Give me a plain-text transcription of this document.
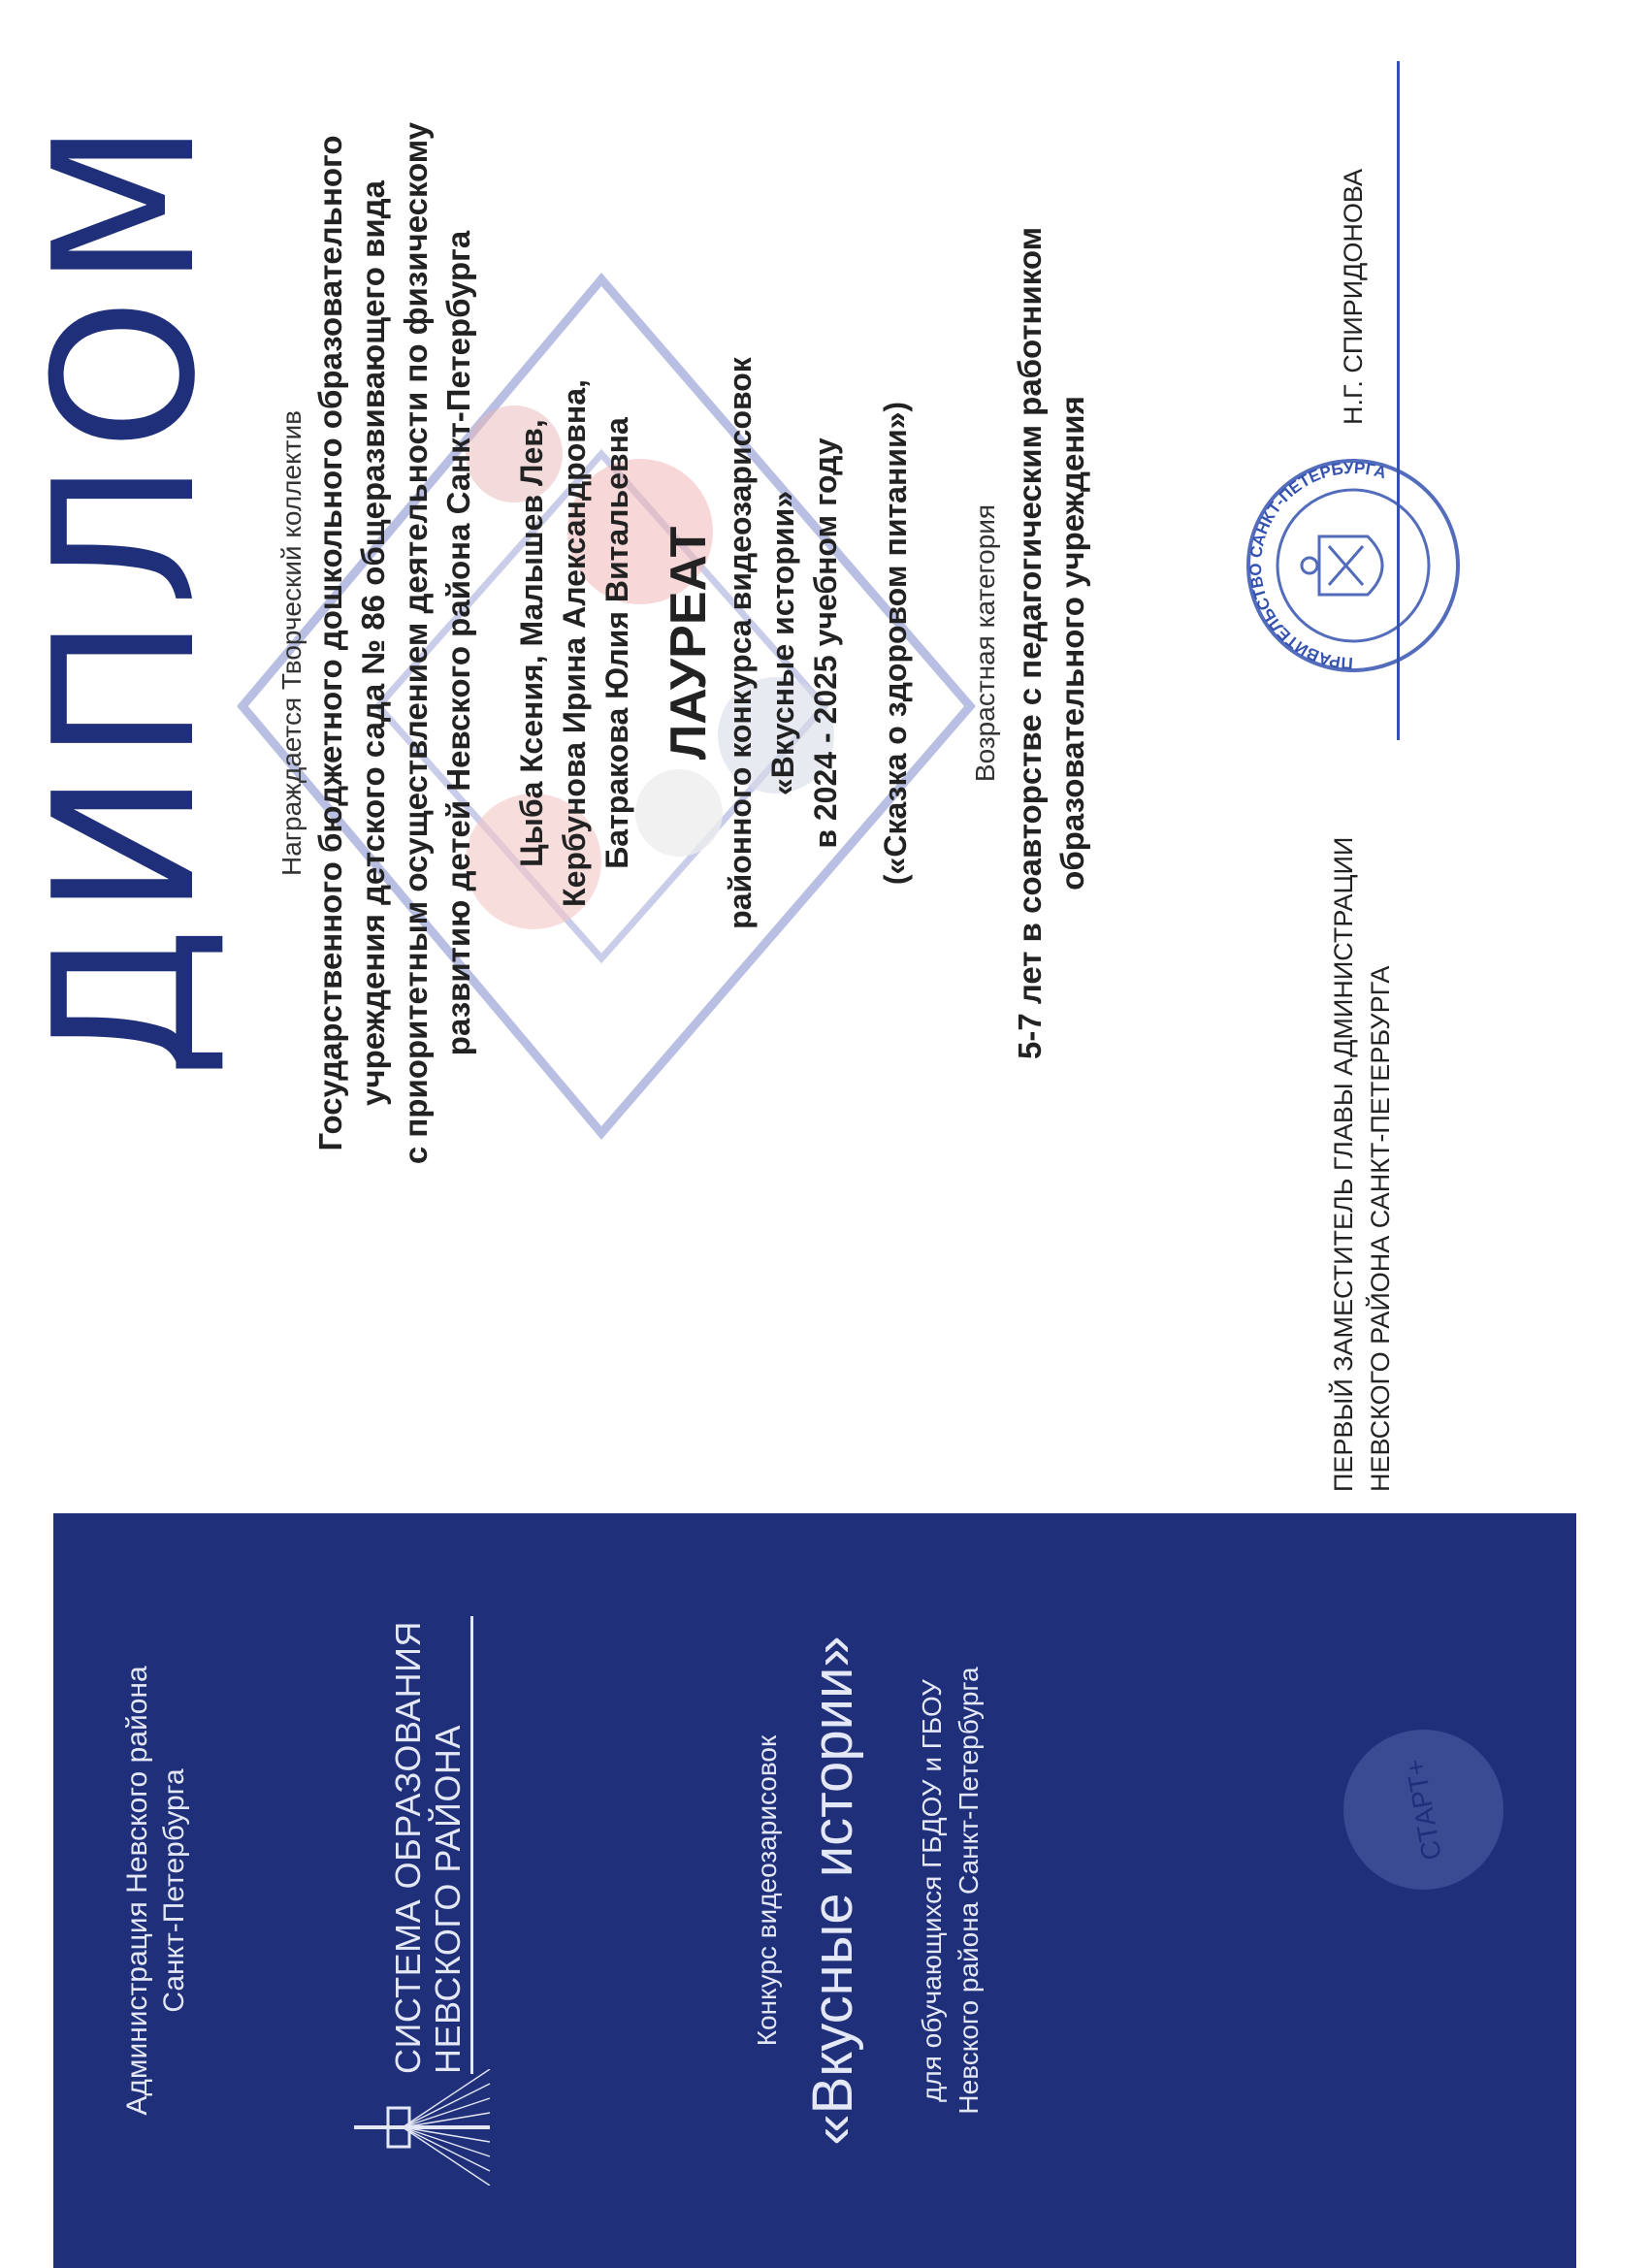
Администрация Невского района Санкт-Петербурга	СИСТЕМА ОБРАЗОВАНИЯ НЕВСКОГО РАЙОНА	Конкурс видеозарисовок «Вкусные истории» для обучающихся ГБДОУ и ГБОУ Невского района Санкт-Петербурга	СТАРТ+
ДИПЛОМ Награждается Творческий коллектив Государственного бюджетного дошкольного образовательного учреждения детского сада № 86 общеразвивающего вида с приоритетным осуществлением деятельности по физическому развитию детей Невского района Санкт-Петербурга Цыба Ксения, Малышев Лев, Кербунова Ирина Александровна, Батракова Юлия Витальевна ЛАУРЕАТ районного конкурса видеозарисовок «Вкусные истории» в 2024 - 2025 учебном году («Сказка о здоровом питании») Возрастная категория 5-7 лет в соавторстве с педагогическим работником образовательного учреждения
ПЕРВЫЙ ЗАМЕСТИТЕЛЬ ГЛАВЫ АДМИНИСТРАЦИИ НЕВСКОГО РАЙОНА САНКТ-ПЕТЕРБУРГА
Н.Г. СПИРИДОНОВА
ПРАВИТЕЛЬСТВО САНКТ-ПЕТЕРБУРГА
